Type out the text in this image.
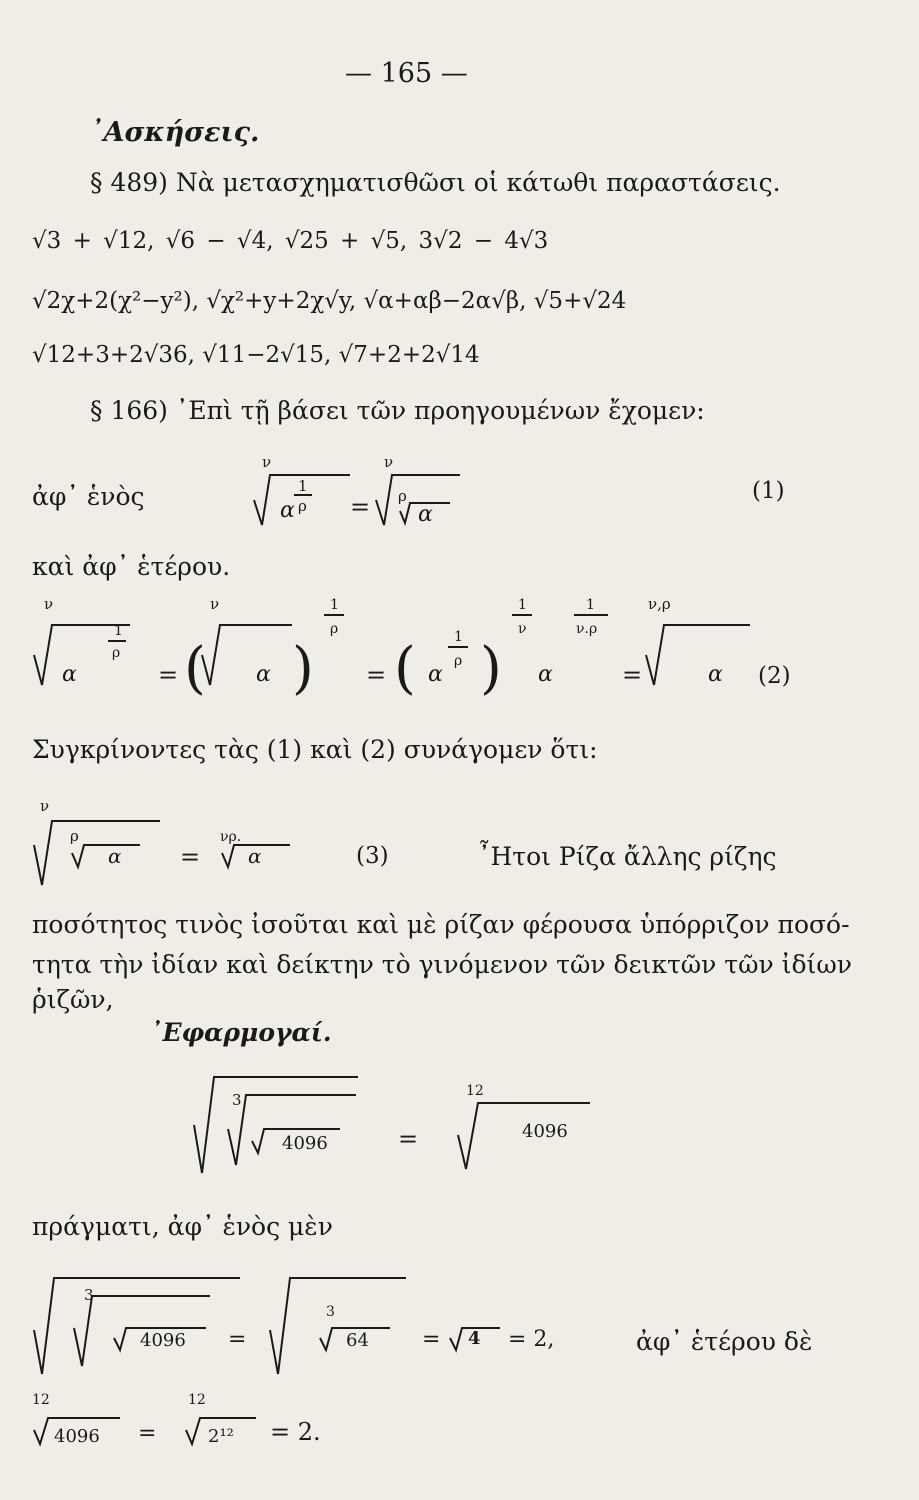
— 165 —
᾿Ασκήσεις.
§ 489) Νὰ μετασχηματισθῶσι οἱ κάτωθι παραστάσεις.
√3 + √12, √6 − √4, √25 + √5, 3√2 − 4√3
√2χ+2(χ²−y²), √χ²+y+2χ√y, √α+αβ−2α√β, √5+√24
√12+3+2√36, √11−2√15, √7+2+2√14
§ 166) ᾿Επὶ τῇ βάσει τῶν προηγουμένων ἔχομεν:
ἀφ᾿ ἑνὸς
καὶ ἀφ᾿ ἑτέρου.
ν
α
1
ρ =
ν
ρ
α
(1)
ν
α
1
ρ
= (
ν
α )
1
ρ
= ( α
1
ρ )
1
ν
α
1
ν.ρ
=
ν,ρ
α (2)
Συγκρίνοντες τὰς (1) καὶ (2) συνάγομεν ὅτι:
ν
ρ
α =
νρ.
α	(3)	῏Ητοι Ρίζα ἄλλης ρίζης
ποσότητος τινὸς ἰσοῦται καὶ μὲ ρίζαν φέρουσα ὑπόρριζον ποσό-
τητα τὴν ἰδίαν καὶ δείκτην τὸ γινόμενον τῶν δεικτῶν τῶν ἰδίων
ῥιζῶν,
᾿Εφαρμογαί.
3
4096	=
12
4096
πράγματι, ἀφ᾿ ἑνὸς μὲν
3
4096 =
3
64 = 4 = 2,	ἀφ᾿ ἑτέρου δὲ
12
4096 =
12
2¹² = 2.
